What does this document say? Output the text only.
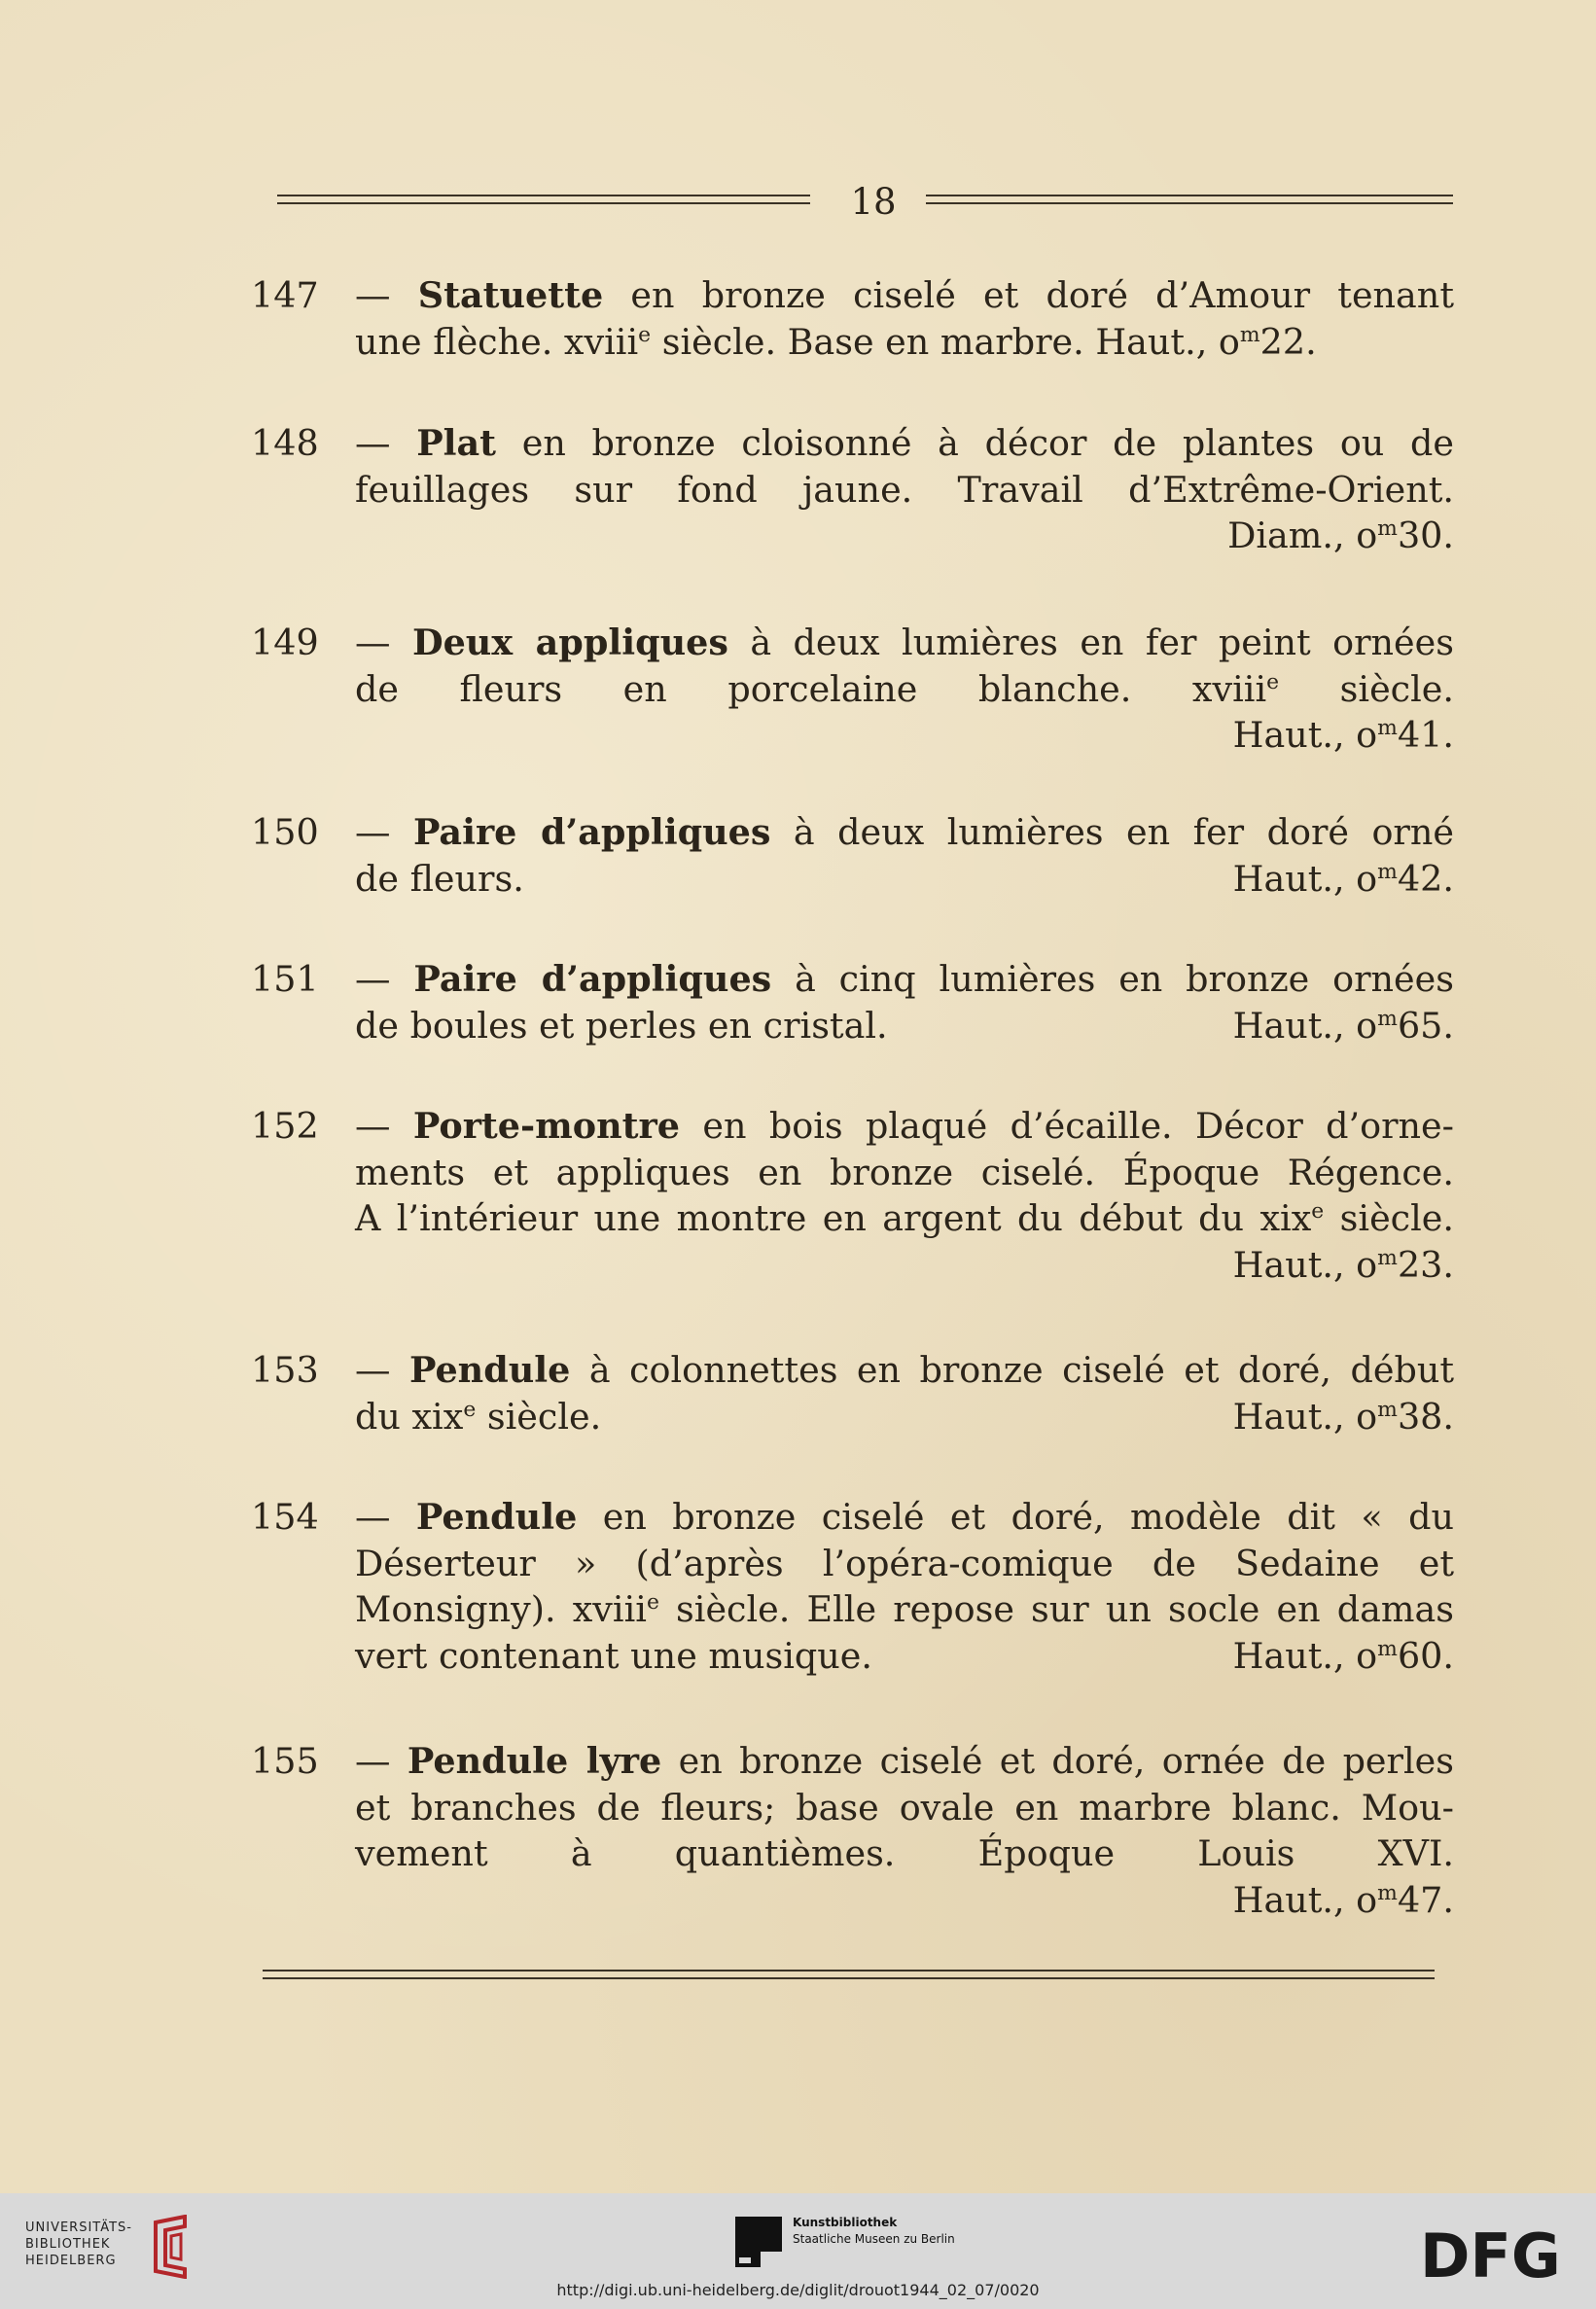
18
147	— Statuette en bronze ciselé et doré d’Amour tenant
une flèche. xviii$^e$ siècle. Base en marbre. Haut., $o^m22$.
148	— Plat en bronze cloisonné à décor de plantes ou de
feuillages sur fond jaune. Travail d’Extrême-Orient.
Diam., $o^m30$.
149	— Deux appliques à deux lumières en fer peint ornées
de fleurs en porcelaine blanche. xviii$^e$ siècle.
Haut., $o^m41$.
150	— Paire d’appliques à deux lumières en fer doré orné
de fleurs.	Haut., $o^m42$.
151	— Paire d’appliques à cinq lumières en bronze ornées
de boules et perles en cristal.	Haut., $o^m65$.
152	— Porte-montre en bois plaqué d’écaille. Décor d’orne-
ments et appliques en bronze ciselé. Époque Régence.
A l’intérieur une montre en argent du début du xix$^e$ siècle.
Haut., $o^m23$.
153	— Pendule à colonnettes en bronze ciselé et doré, début
du xix$^e$ siècle.	Haut., $o^m38$.
154	— Pendule en bronze ciselé et doré, modèle dit « du
Déserteur » (d’après l’opéra-comique de Sedaine et
Monsigny). xviii$^e$ siècle. Elle repose sur un socle en damas
vert contenant une musique.	Haut., $o^m60$.
155	— Pendule lyre en bronze ciselé et doré, ornée de perles
et branches de fleurs; base ovale en marbre blanc. Mou-
vement à quantièmes. Époque Louis XVI.
Haut., $o^m47$.
UNIVERSITÄTS-
BIBLIOTHEK
HEIDELBERG
Kunstbibliothek
Staatliche Museen zu Berlin	DFG
http://digi.ub.uni-heidelberg.de/diglit/drouot1944_02_07/0020
